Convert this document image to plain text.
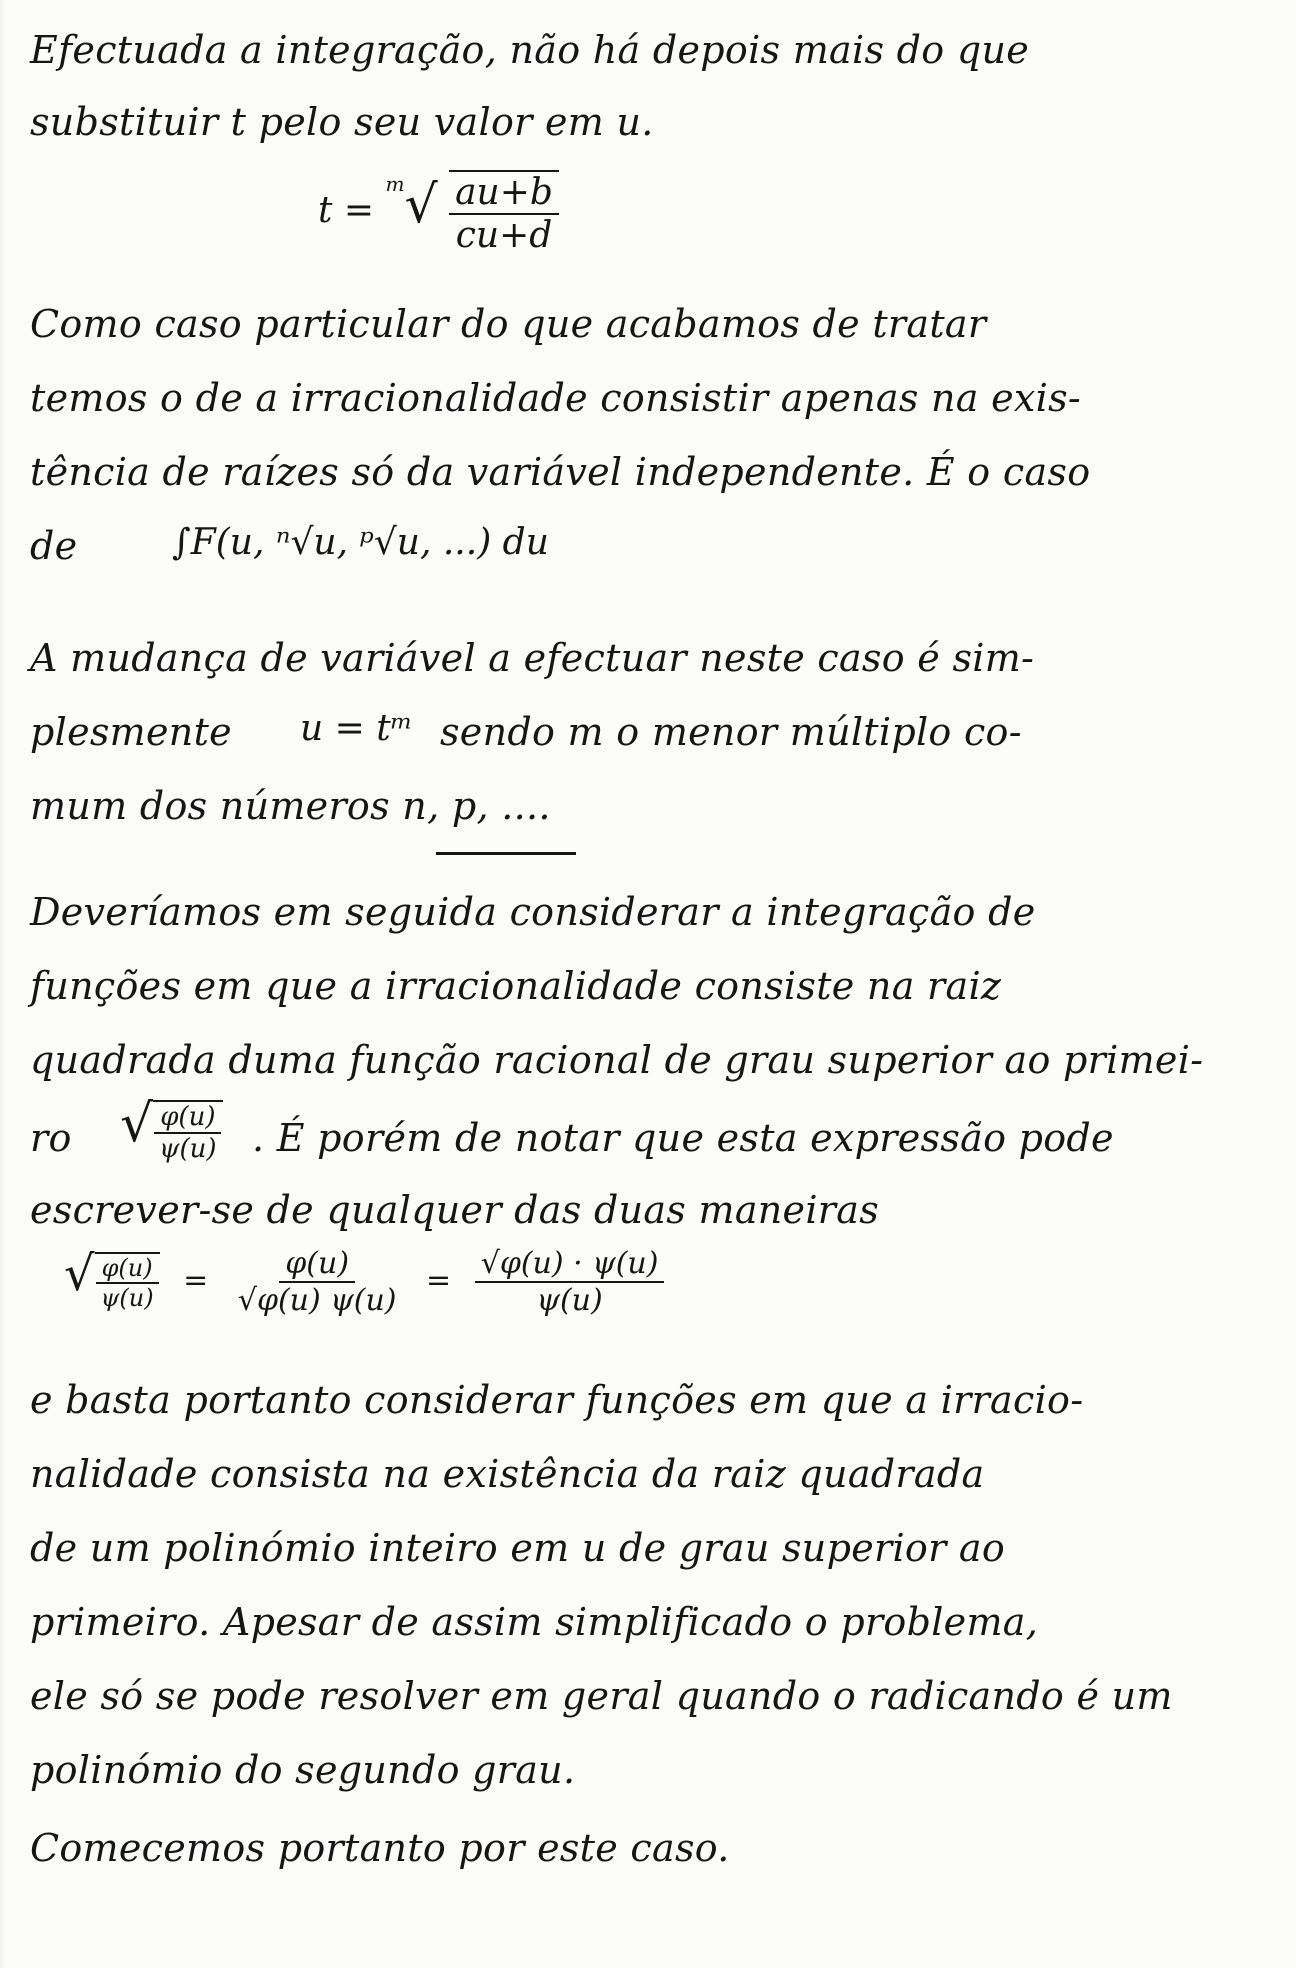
Efectuada a integração, não há depois mais do que
substituir t pelo seu valor em u.
$t = ^m√ \frac{au+b}{cu+d}$
Como caso particular do que acabamos de tratar
temos o de a irracionalidade consistir apenas na exis-
tência de raízes só da variável independente. É o caso
de	∫F(u, ⁿ√u, ᵖ√u, ...) du
A mudança de variável a efectuar neste caso é sim-
plesmente	u = tᵐ sendo m o menor múltiplo co-
mum dos números n, p, ....
Deveríamos em seguida considerar a integração de
funções em que a irracionalidade consiste na raiz
quadrada duma função racional de grau superior ao primei-
ro √ $\frac{\varphi(u)}{\psi(u)}$ . É porém de notar que esta expressão pode
escrever-se de qualquer das duas maneiras
√ $\frac{\varphi(u)}{\psi(u)} = \frac{\varphi(u)}{√\varphi(u) \psi(u)} = \frac{√\varphi(u) \cdot \psi(u)}{\psi(u)}$
e basta portanto considerar funções em que a irracio-
nalidade consista na existência da raiz quadrada
de um polinómio inteiro em u de grau superior ao
primeiro. Apesar de assim simplificado o problema,
ele só se pode resolver em geral quando o radicando é um
polinómio do segundo grau.
Comecemos portanto por este caso.
